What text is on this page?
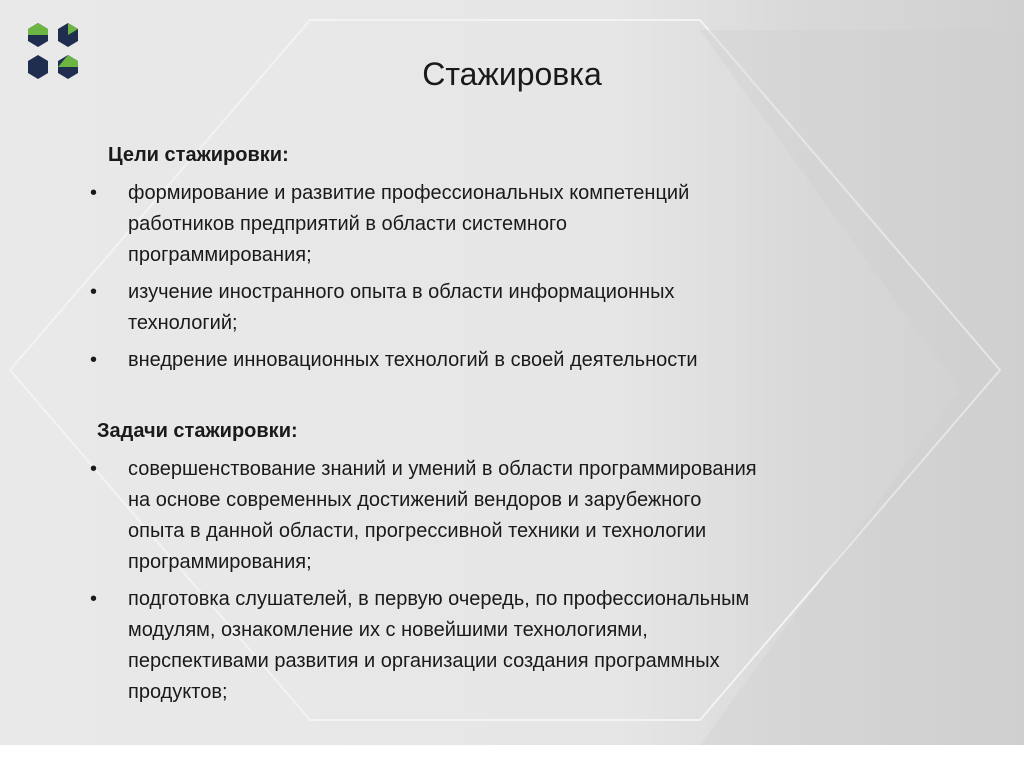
Стажировка
Цели стажировки:
•	формирование и развитие профессиональных компетенций
работников предприятий в области системного
программирования;
•	изучение иностранного опыта в области информационных
технологий;
•	внедрение инновационных технологий в своей деятельности
Задачи стажировки:
•	совершенствование знаний и умений в области программирования
на основе современных достижений вендоров и зарубежного
опыта в данной области, прогрессивной техники и технологии
программирования;
•	подготовка слушателей, в первую очередь, по профессиональным
модулям, ознакомление их с новейшими технологиями,
перспективами развития и организации создания программных
продуктов;
